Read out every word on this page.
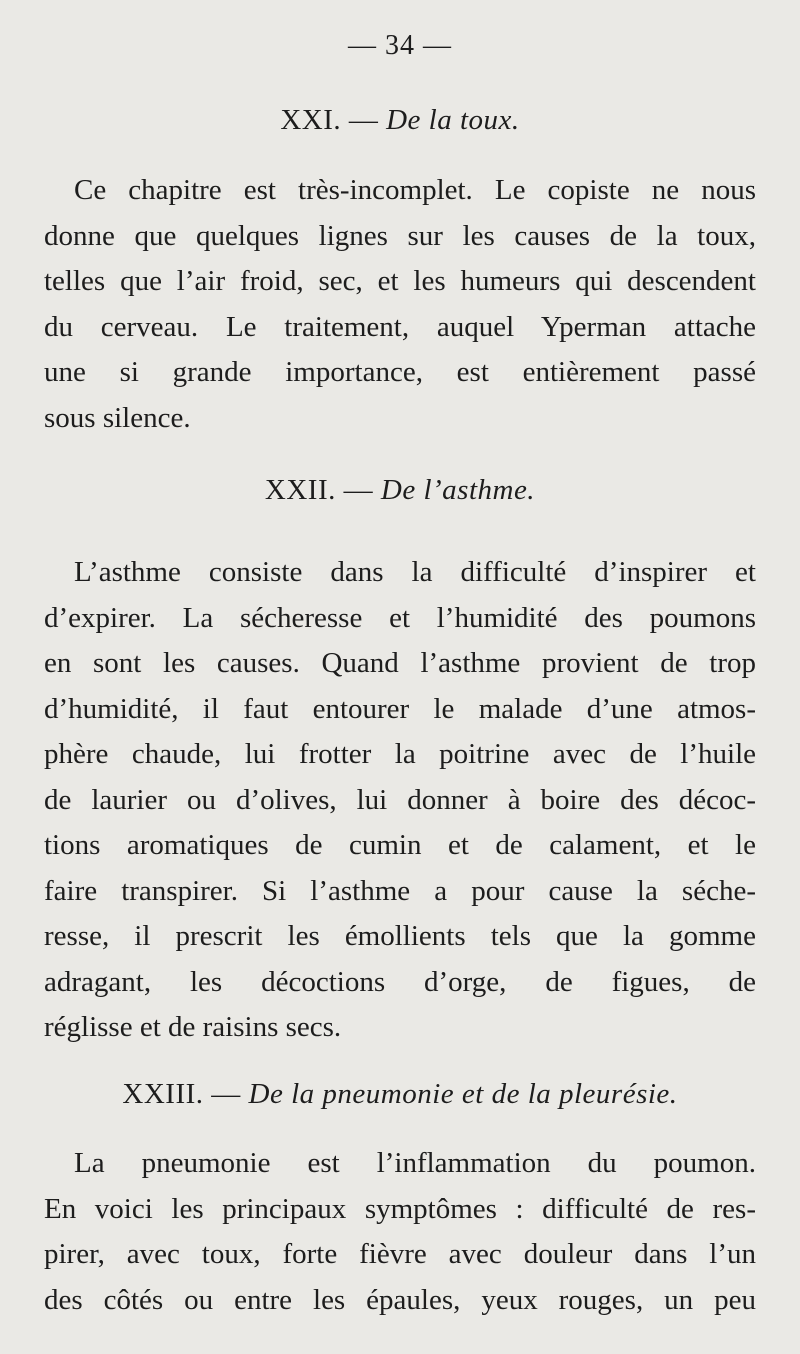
— 34 —
XXI. — De la toux.
Ce chapitre est très-incomplet. Le copiste ne nous
donne que quelques lignes sur les causes de la toux,
telles que l’air froid, sec, et les humeurs qui descendent
du cerveau. Le traitement, auquel Yperman attache
une si grande importance, est entièrement passé
sous silence.
XXII. — De l’asthme.
L’asthme consiste dans la difficulté d’inspirer et
d’expirer. La sécheresse et l’humidité des poumons
en sont les causes. Quand l’asthme provient de trop
d’humidité, il faut entourer le malade d’une atmos-
phère chaude, lui frotter la poitrine avec de l’huile
de laurier ou d’olives, lui donner à boire des décoc-
tions aromatiques de cumin et de calament, et le
faire transpirer. Si l’asthme a pour cause la séche-
resse, il prescrit les émollients tels que la gomme
adragant, les décoctions d’orge, de figues, de
réglisse et de raisins secs.
XXIII. — De la pneumonie et de la pleurésie.
La pneumonie est l’inflammation du poumon.
En voici les principaux symptômes : difficulté de res-
pirer, avec toux, forte fièvre avec douleur dans l’un
des côtés ou entre les épaules, yeux rouges, un peu
